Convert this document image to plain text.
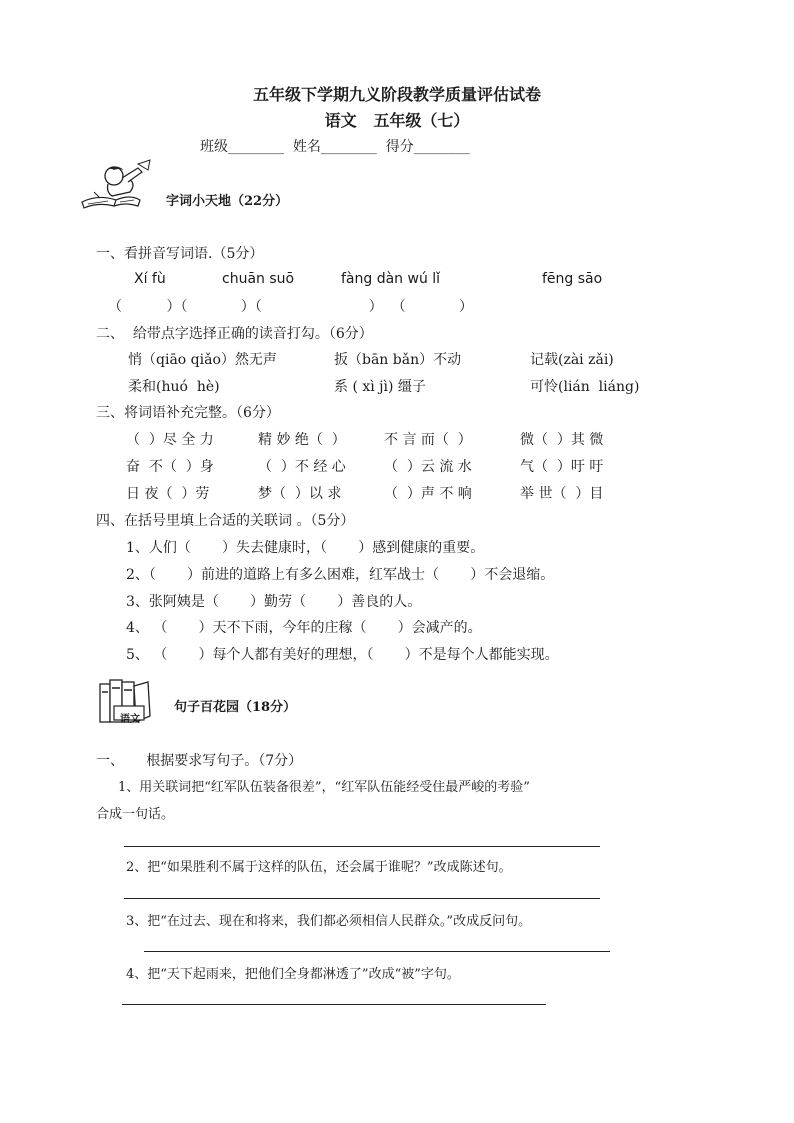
五年级下学期九义阶段教学质量评估试卷
语文   五年级（七）
班级________  姓名________  得分________
字词小天地（22分）
一、看拼音写词语.（5分）
Xí fù	chuān suō	fàng dàn wú lǐ	fēng sāo
（          ）（            ）（                        ）  （            ）
二、  给带点字选择正确的读音打勾。（6分）
悄（qiāo qiǎo）然无声	扳（bān bǎn）不动	记载(zài zǎi)
柔和(huó  hè)	系 ( xì jì) 缰子	可怜(lián  liáng)
三、将词语补充完整。（6分）
（  ）尽 全 力	精 妙 绝（  ）	不 言 而（  ）	微（  ）其 微
奋  不（  ）身	（  ）不 经 心	（  ）云 流 水	气（  ）吁 吁
日 夜（  ）劳	梦（  ）以 求	（  ）声 不 响	举 世（  ）目
四、在括号里填上合适的关联词 。（5分）
1、人们（       ）失去健康时，（       ）感到健康的重要。
2、（       ）前进的道路上有多么困难，红军战士（       ）不会退缩。
3、张阿姨是（       ）勤劳（       ）善良的人。
4、 （       ）天不下雨，今年的庄稼（       ）会减产的。
5、 （       ）每个人都有美好的理想，（       ）不是每个人都能实现。
语文
句子百花园（18分）
一、     根据要求写句子。（7分）
1、用关联词把“红军队伍装备很差”，“红军队伍能经受住最严峻的考验”
合成一句话。
2、把“如果胜利不属于这样的队伍，还会属于谁呢？”改成陈述句。
3、把“在过去、现在和将来，我们都必须相信人民群众。”改成反问句。
4、把“天下起雨来，把他们全身都淋透了”改成“被”字句。
